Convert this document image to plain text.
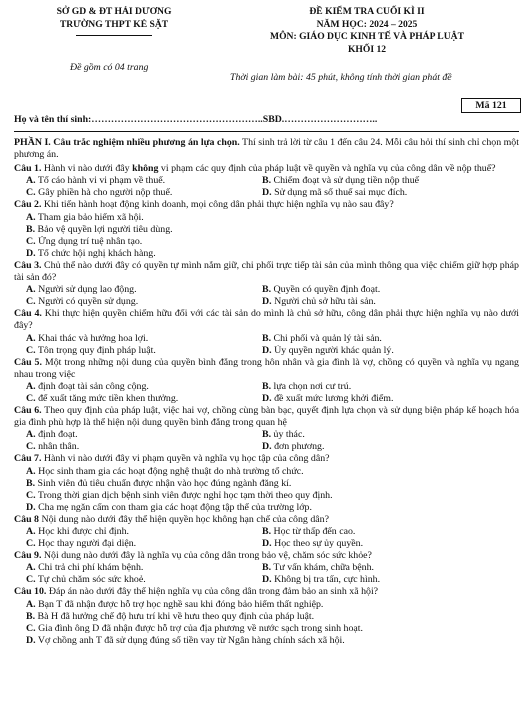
SỞ GD & ĐT HẢI DƯƠNG
TRƯỜNG THPT KẺ SẶT
ĐỀ KIỂM TRA CUỐI KÌ II
NĂM HỌC: 2024 – 2025
MÔN: GIÁO DỤC KINH TẾ VÀ PHÁP LUẬT
KHỐI 12
Đề gồm có 04 trang
Thời gian làm bài: 45 phút, không tính thời gian phát đề
Mã 121
Họ và tên thí sinh:……………………………………………..SBD.………………………..

PHẦN I. Câu trắc nghiệm nhiều phương án lựa chọn. Thí sinh trả lời từ câu 1 đến câu 24. Mỗi câu hỏi thí sinh chỉ chọn một phương án.

Câu 1. Hành vi nào dưới đây không vi phạm các quy định của pháp luật về quyền và nghĩa vụ của công dân về nộp thuế?

A. Tố cáo hành vi vi phạm về thuế.	B. Chiếm đoạt và sử dụng tiền nộp thuế
C. Gây phiền hà cho người nộp thuế.	D. Sử dụng mã số thuế sai mục đích.

Câu 2. Khi tiến hành hoạt động kinh doanh, mọi công dân phải thực hiện nghĩa vụ nào sau đây?

A. Tham gia bảo hiểm xã hội.
B. Bảo vệ quyền lợi người tiêu dùng.
C. Ứng dụng trí tuệ nhân tạo.
D. Tổ chức hội nghị khách hàng.

Câu 3. Chủ thể nào dưới đây có quyền tự mình nắm giữ, chi phối trực tiếp tài sản của mình thông qua việc chiếm giữ hợp pháp tài sản đó?

A. Người sử dụng lao động.	B. Quyền có quyền định đoạt.
C. Người có quyền sử dụng.	D. Người chủ sở hữu tài sản.

Câu 4. Khi thực hiện quyền chiếm hữu đối với các tài sản do mình là chủ sở hữu, công dân phải thực hiện nghĩa vụ nào dưới đây?

A. Khai thác và hưởng hoa lợi.	B. Chi phối và quản lý tài sản.
C. Tôn trọng quy định pháp luật.	D. Ủy quyền người khác quản lý.

Câu 5. Một trong những nội dung của quyền bình đẳng trong hôn nhân và gia đình là vợ, chồng có quyền và nghĩa vụ ngang nhau trong việc

A. định đoạt tài sản công cộng.	B. lựa chọn nơi cư trú.
C. để xuất tăng mức tiền khen thưởng.	D. đề xuất mức lương khởi điểm.

Câu 6. Theo quy định của pháp luật, việc hai vợ, chồng cùng bàn bạc, quyết định lựa chọn và sử dụng biện pháp kế hoạch hóa gia đình phù hợp là thể hiện nội dung quyền bình đẳng trong quan hệ

A. định đoạt.	B. ủy thác.
C. nhân thân.	D. đơn phương.

Câu 7. Hành vi nào dưới đây vi phạm quyền và nghĩa vụ học tập của công dân?

A. Học sinh tham gia các hoạt động nghệ thuật do nhà trường tổ chức.
B. Sinh viên đủ tiêu chuẩn được nhận vào học đúng ngành đăng kí.
C. Trong thời gian dịch bệnh sinh viên được nghỉ học tạm thời theo quy định.
D. Cha mẹ ngăn cấm con tham gia các hoạt động tập thể của trường lớp.

Câu 8 Nội dung nào dưới đây thể hiện quyền học không hạn chế của công dân?

A. Học khi được chỉ định.	B. Học từ thấp đến cao.
C. Học thay người đại diện.	D. Học theo sự ủy quyền.

Câu 9. Nội dung nào dưới đây là nghĩa vụ của công dân trong bảo vệ, chăm sóc sức khỏe?

A. Chi trả chi phí khám bệnh.	B. Tư vấn khám, chữa bệnh.
C. Tự chủ chăm sóc sức khoẻ.	D. Không bị tra tấn, cực hình.

Câu 10. Đáp án nào dưới đây thể hiện nghĩa vụ của công dân trong đảm bảo an sinh xã hội?

A. Bạn T đã nhận được hỗ trợ học nghề sau khi đóng bảo hiểm thất nghiệp.
B. Bà H đã hưởng chế độ hưu trí khi về hưu theo quy định của pháp luật.
C. Gia đình ông D đã nhận được hỗ trợ của địa phương về nước sạch trong sinh hoạt.
D. Vợ chồng anh T đã sử dụng đúng số tiền vay từ Ngân hàng chính sách xã hội.
